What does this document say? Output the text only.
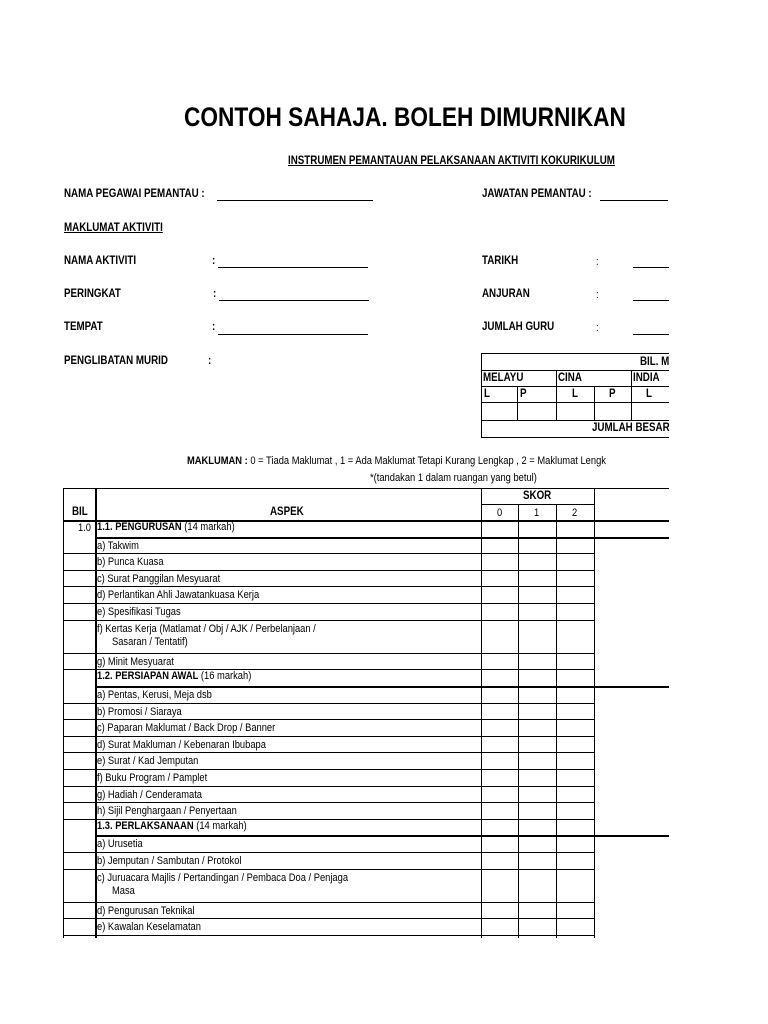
CONTOH SAHAJA. BOLEH DIMURNIKAN
INSTRUMEN PEMANTAUAN PELAKSANAAN AKTIVITI KOKURIKULUM
NAMA PEGAWAI PEMANTAU :	JAWATAN PEMANTAU :
MAKLUMAT AKTIVITI
NAMA AKTIVITI	:	TARIKH	:
PERINGKAT	:	ANJURAN	:
TEMPAT	:	JUMLAH GURU	:
PENGLIBATAN MURID	:	BIL. M
MELAYU	CINA	INDIA
L	P	L	P	L
JUMLAH BESAR
MAKLUMAN : 0 = Tiada Maklumat , 1 = Ada Maklumat Tetapi Kurang Lengkap , 2 = Maklumat Lengk
*(tandakan 1 dalam ruangan yang betul)
BIL	ASPEK
SKOR
0	1	2
1.0 1.1. PENGURUSAN (14 markah)
a) Takwim
b) Punca Kuasa
c) Surat Panggilan Mesyuarat
d) Perlantikan Ahli Jawatankuasa Kerja
e) Spesifikasi Tugas
f) Kertas Kerja (Matlamat / Obj / AJK / Perbelanjaan /
Sasaran / Tentatif)
g) Minit Mesyuarat
1.2. PERSIAPAN AWAL (16 markah)
a) Pentas, Kerusi, Meja dsb
b) Promosi / Siaraya
c) Paparan Maklumat / Back Drop / Banner
d) Surat Makluman / Kebenaran Ibubapa
e) Surat / Kad Jemputan
f) Buku Program / Pamplet
g) Hadiah / Cenderamata
h) Sijil Penghargaan / Penyertaan
1.3. PERLAKSANAAN (14 markah)
a) Urusetia
b) Jemputan / Sambutan / Protokol
c) Juruacara Majlis / Pertandingan / Pembaca Doa / Penjaga
Masa
d) Pengurusan Teknikal
e) Kawalan Keselamatan
